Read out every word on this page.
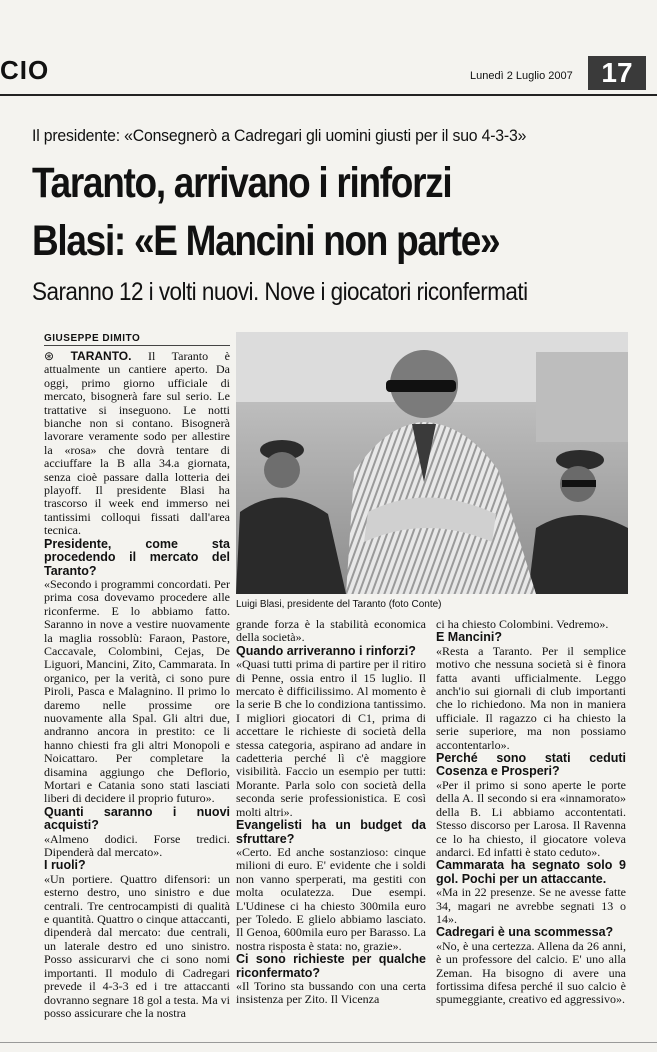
CIO	Lunedì 2 Luglio 2007	17
Il presidente: «Consegnerò a Cadregari gli uomini giusti per il suo 4-3-3»
Taranto, arrivano i rinforzi
Blasi: «E Mancini non parte»
Saranno 12 i volti nuovi. Nove i giocatori riconfermati
GIUSEPPE DIMITO
Luigi Blasi, presidente del Taranto (foto Conte)

⊛ TARANTO. Il Taranto è attualmente un cantiere aperto. Da oggi, primo giorno ufficiale di mercato, bisognerà fare sul serio. Le trattative si inseguono. Le notti bianche non si contano. Bisognerà lavorare veramente sodo per allestire la «rosa» che dovrà tentare di acciuffare la B alla 34.a giornata, senza cioè passare dalla lotteria dei playoff. Il presidente Blasi ha trascorso il week end immerso nei tantissimi colloqui fissati dall'area tecnica.

Presidente, come sta procedendo il mercato del Taranto?

«Secondo i programmi concordati. Per prima cosa dovevamo procedere alle riconferme. E lo abbiamo fatto. Saranno in nove a vestire nuovamente la maglia rossoblù: Faraon, Pastore, Caccavale, Colombini, Cejas, De Liguori, Mancini, Zito, Cammarata. In organico, per la verità, ci sono pure Piroli, Pasca e Malagnino. Il primo lo daremo nelle prossime ore nuovamente alla Spal. Gli altri due, andranno ancora in prestito: ce li hanno chiesti fra gli altri Monopoli e Noicattaro. Per completare la disamina aggiungo che Deflorio, Mortari e Catania sono stati lasciati liberi di decidere il proprio futuro».

Quanti saranno i nuovi acquisti?

«Almeno dodici. Forse tredici. Dipenderà dal mercato».

I ruoli?

«Un portiere. Quattro difensori: un esterno destro, uno sinistro e due centrali. Tre centrocampisti di qualità e quantità. Quattro o cinque attaccanti, dipenderà dal mercato: due centrali, un laterale destro ed uno sinistro. Posso assicurarvi che ci sono nomi importanti. Il modulo di Cadregari prevede il 4-3-3 ed i tre attaccanti dovranno segnare 18 gol a testa. Ma vi posso assicurare che la nostra

grande forza è la stabilità economica della società».

Quando arriveranno i rinforzi?

«Quasi tutti prima di partire per il ritiro di Penne, ossia entro il 15 luglio. Il mercato è difficilissimo. Al momento è la serie B che lo condiziona tantissimo. I migliori giocatori di C1, prima di accettare le richieste di società della stessa categoria, aspirano ad andare in cadetteria perché lì c'è maggiore visibilità. Faccio un esempio per tutti: Morante. Parla solo con società della seconda serie professionistica. E così molti altri».

Evangelisti ha un budget da sfruttare?

«Certo. Ed anche sostanzioso: cinque milioni di euro. E' evidente che i soldi non vanno sperperati, ma gestiti con molta oculatezza. Due esempi. L'Udinese ci ha chiesto 300mila euro per Toledo. E glielo abbiamo lasciato. Il Genoa, 600mila euro per Barasso. La nostra risposta è stata: no, grazie».

Ci sono richieste per qualche riconfermato?

«Il Torino sta bussando con una certa insistenza per Zito. Il Vicenza

ci ha chiesto Colombini. Vedremo».

E Mancini?

«Resta a Taranto. Per il semplice motivo che nessuna società si è finora fatta avanti ufficialmente. Leggo anch'io sui giornali di club importanti che lo richiedono. Ma non in maniera ufficiale. Il ragazzo ci ha chiesto la serie superiore, ma non possiamo accontentarlo».

Perché sono stati ceduti Cosenza e Prosperi?

«Per il primo si sono aperte le porte della A. Il secondo si era «innamorato» della B. Li abbiamo accontentati. Stesso discorso per Larosa. Il Ravenna ce lo ha chiesto, il giocatore voleva andarci. Ed infatti è stato ceduto».

Cammarata ha segnato solo 9 gol. Pochi per un attaccante.

«Ma in 22 presenze. Se ne avesse fatte 34, magari ne avrebbe segnati 13 o 14».

Cadregari è una scommessa?

«No, è una certezza. Allena da 26 anni, è un professore del calcio. E' uno alla Zeman. Ha bisogno di avere una fortissima difesa perché il suo calcio è spumeggiante, creativo ed aggressivo».
